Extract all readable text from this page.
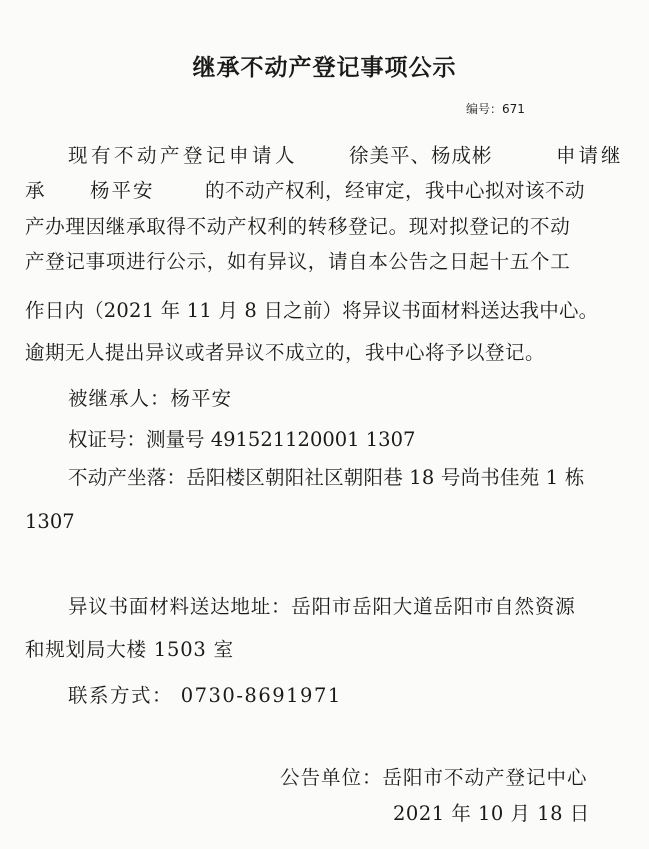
继承不动产登记事项公示
编号：671
现有不动产登记申请人	徐美平、杨成彬	申请继
承 杨平安	的不动产权利，经审定，我中心拟对该不动
产办理因继承取得不动产权利的转移登记。现对拟登记的不动
产登记事项进行公示，如有异议，请自本公告之日起十五个工
作日内（2021 年 11 月 8 日之前）将异议书面材料送达我中心。
逾期无人提出异议或者异议不成立的，我中心将予以登记。
被继承人：杨平安
权证号：测量号 491521120001 1307
不动产坐落：岳阳楼区朝阳社区朝阳巷 18 号尚书佳苑 1 栋
1307
异议书面材料送达地址：岳阳市岳阳大道岳阳市自然资源
和规划局大楼 1503 室
联系方式： 0730-8691971
公告单位：岳阳市不动产登记中心
2021 年 10 月 18 日
